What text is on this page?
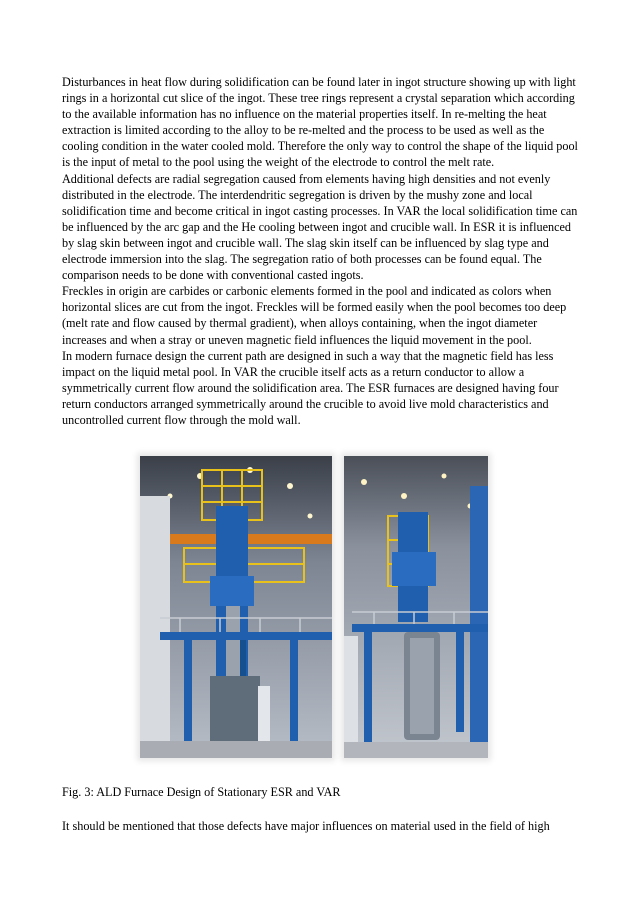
Disturbances in heat flow during solidification can be found later in ingot structure showing up with light rings in a horizontal cut slice of the ingot. These tree rings represent a crystal separation which according to the available information has no influence on the material properties itself. In re-melting the heat extraction is limited according to the alloy to be re-melted and the process to be used as well as the cooling condition in the water cooled mold. Therefore the only way to control the shape of the liquid pool is the input of metal to the pool using the weight of the electrode to control the melt rate.

Additional defects are radial segregation caused from elements having high densities and not evenly distributed in the electrode. The interdendritic segregation is driven by the mushy zone and local solidification time and become critical in ingot casting processes. In VAR the local solidification time can be influenced by the arc gap and the He cooling between ingot and crucible wall. In ESR it is influenced by slag skin between ingot and crucible wall. The slag skin itself can be influenced by slag type and electrode immersion into the slag. The segregation ratio of both processes can be found equal. The comparison needs to be done with conventional casted ingots.

Freckles in origin are carbides or carbonic elements formed in the pool and indicated as colors when horizontal slices are cut from the ingot. Freckles will be formed easily when the pool becomes too deep (melt rate and flow caused by thermal gradient), when alloys containing, when the ingot diameter increases and when a stray or uneven magnetic field influences the liquid movement in the pool.

In modern furnace design the current path are designed in such a way that the magnetic field has less impact on the liquid metal pool. In VAR the crucible itself acts as a return conductor to allow a symmetrically current flow around the solidification area. The ESR furnaces are designed having four return conductors arranged symmetrically around the crucible to avoid live mold characteristics and uncontrolled current flow through the mold wall.

Fig. 3: ALD Furnace Design of Stationary ESR and VAR
It should be mentioned that those defects have major influences on material used in the field of high
